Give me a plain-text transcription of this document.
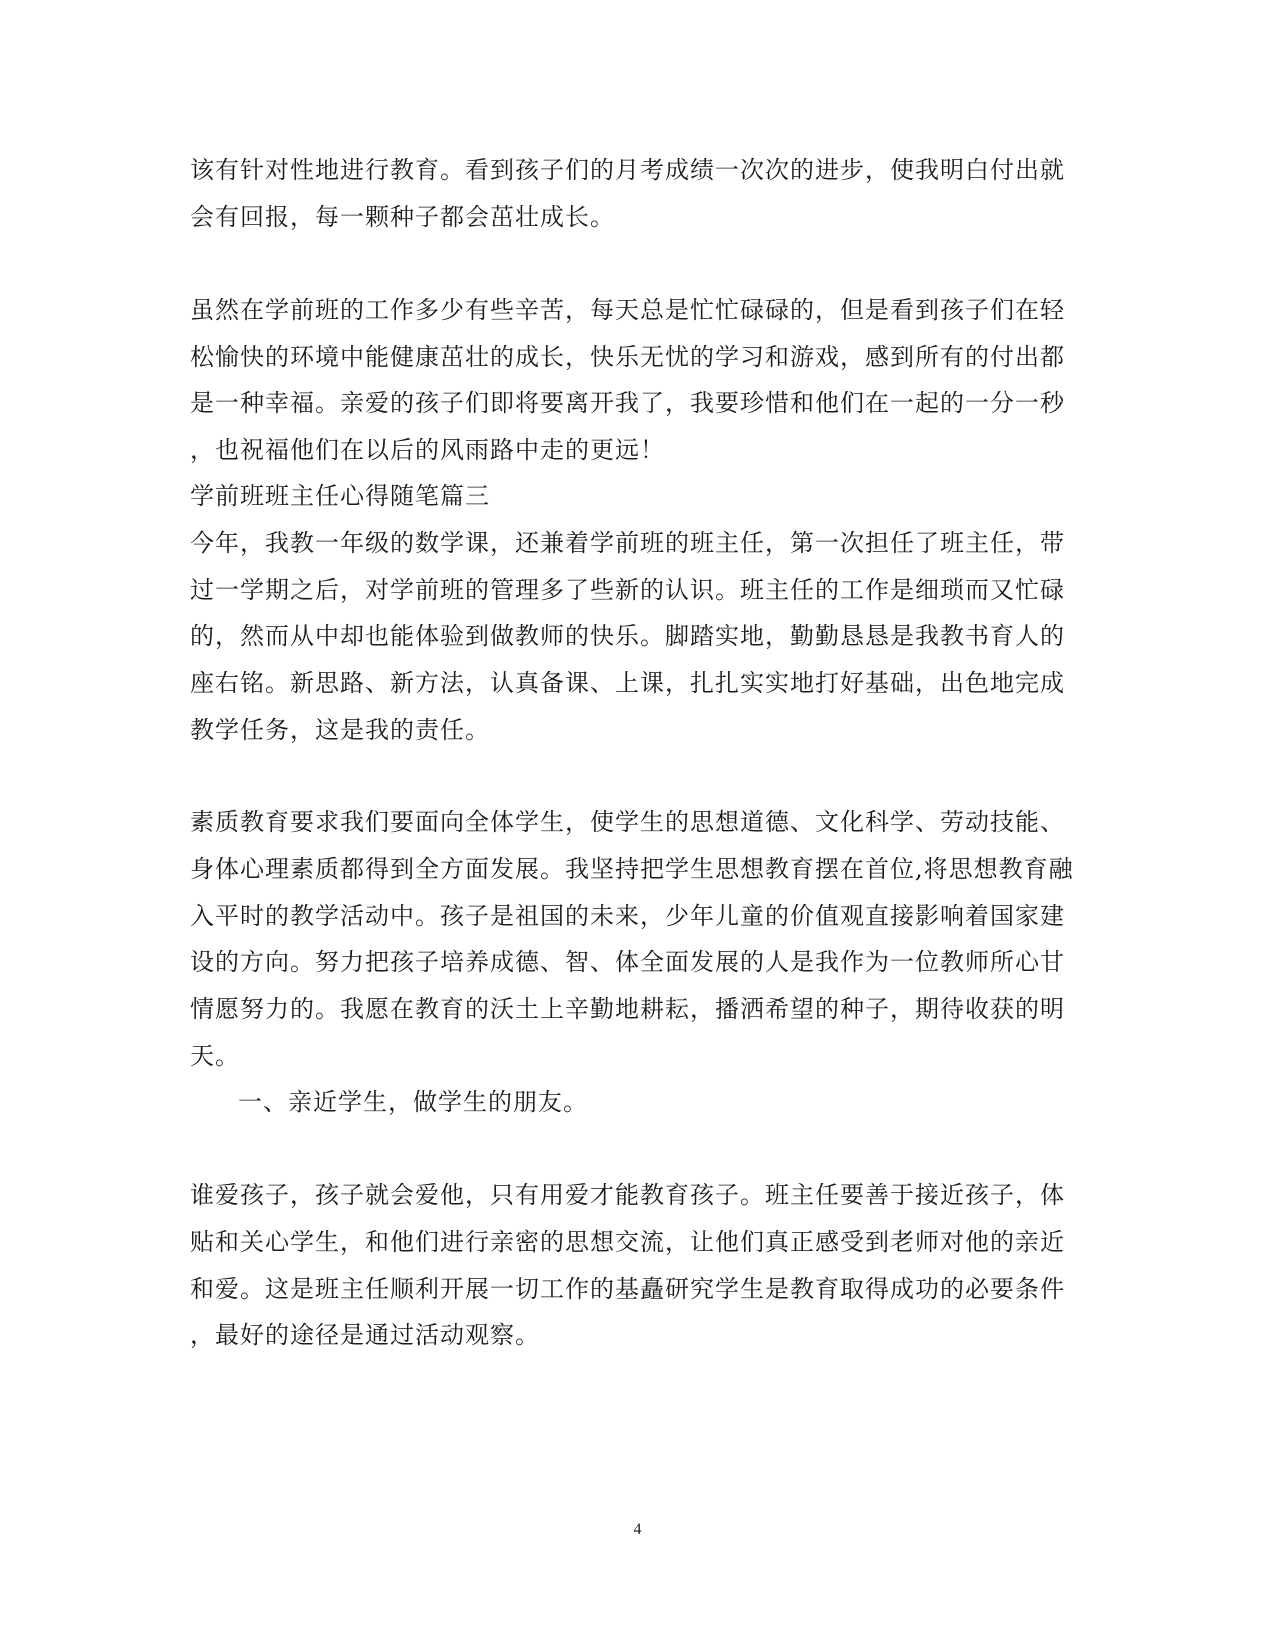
该有针对性地进行教育。看到孩子们的月考成绩一次次的进步，使我明白付出就
会有回报，每一颗种子都会茁壮成长。
虽然在学前班的工作多少有些辛苦，每天总是忙忙碌碌的，但是看到孩子们在轻
松愉快的环境中能健康茁壮的成长，快乐无忧的学习和游戏，感到所有的付出都
是一种幸福。亲爱的孩子们即将要离开我了，我要珍惜和他们在一起的一分一秒
，也祝福他们在以后的风雨路中走的更远！
学前班班主任心得随笔篇三
今年，我教一年级的数学课，还兼着学前班的班主任，第一次担任了班主任，带
过一学期之后，对学前班的管理多了些新的认识。班主任的工作是细琐而又忙碌
的，然而从中却也能体验到做教师的快乐。脚踏实地，勤勤恳恳是我教书育人的
座右铭。新思路、新方法，认真备课、上课，扎扎实实地打好基础，出色地完成
教学任务，这是我的责任。
素质教育要求我们要面向全体学生，使学生的思想道德、文化科学、劳动技能、
身体心理素质都得到全方面发展。我坚持把学生思想教育摆在首位,将思想教育融
入平时的教学活动中。孩子是祖国的未来，少年儿童的价值观直接影响着国家建
设的方向。努力把孩子培养成德、智、体全面发展的人是我作为一位教师所心甘
情愿努力的。我愿在教育的沃土上辛勤地耕耘，播洒希望的种子，期待收获的明
天。
一、亲近学生，做学生的朋友。
谁爱孩子，孩子就会爱他，只有用爱才能教育孩子。班主任要善于接近孩子，体
贴和关心学生，和他们进行亲密的思想交流，让他们真正感受到老师对他的亲近
和爱。这是班主任顺利开展一切工作的基矗研究学生是教育取得成功的必要条件
，最好的途径是通过活动观察。
4
